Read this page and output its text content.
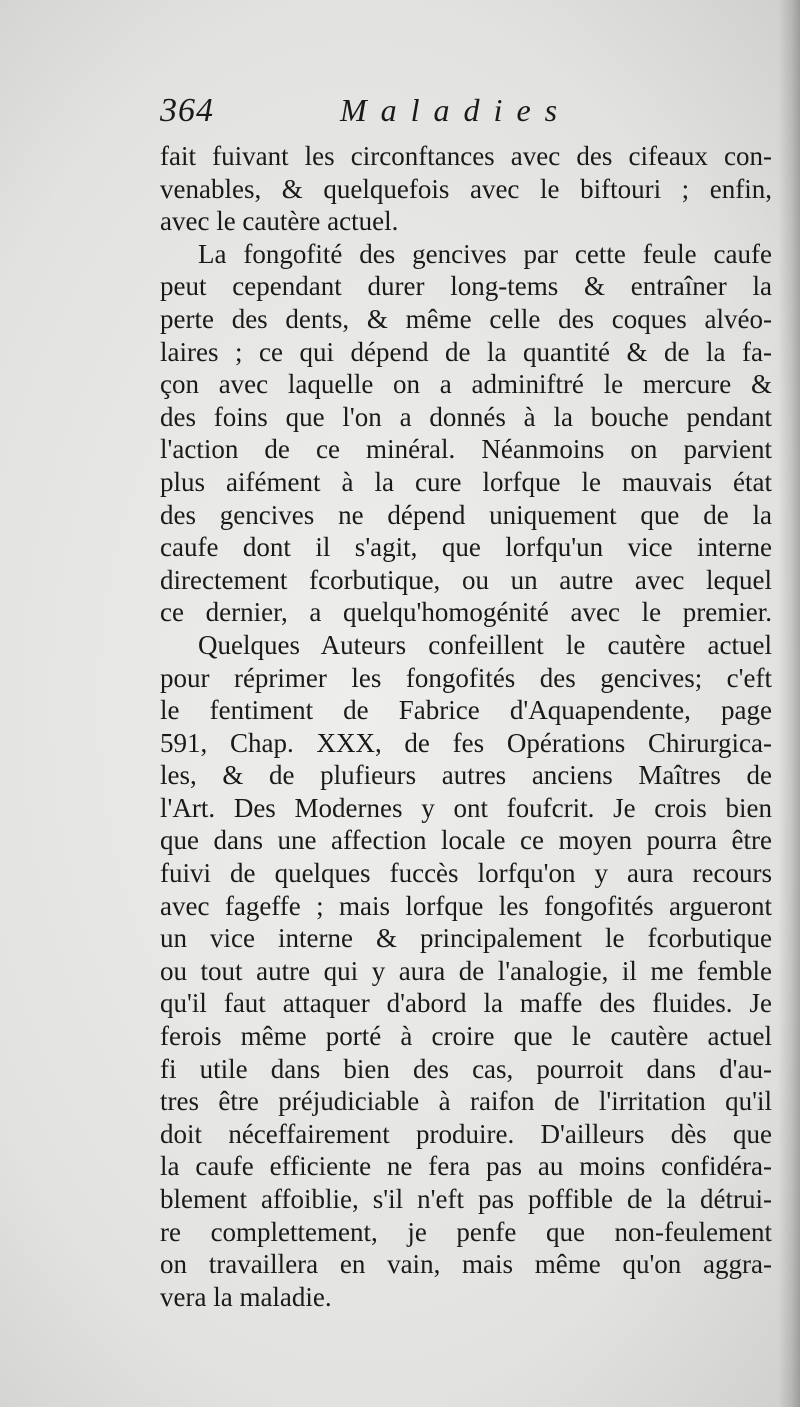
364	Maladies
fait fuivant les circonftances avec des cifeaux con-
venables, & quelquefois avec le biftouri ; enfin,
avec le cautère actuel.
La fongofité des gencives par cette feule caufe
peut cependant durer long-tems & entraîner la
perte des dents, & même celle des coques alvéo-
laires ; ce qui dépend de la quantité & de la fa-
çon avec laquelle on a adminiftré le mercure &
des foins que l'on a donnés à la bouche pendant
l'action de ce minéral. Néanmoins on parvient
plus aifément à la cure lorfque le mauvais état
des gencives ne dépend uniquement que de la
caufe dont il s'agit, que lorfqu'un vice interne
directement fcorbutique, ou un autre avec lequel
ce dernier, a quelqu'homogénité avec le premier.
Quelques Auteurs confeillent le cautère actuel
pour réprimer les fongofités des gencives; c'eft
le fentiment de Fabrice d'Aquapendente, page
591, Chap. XXX, de fes Opérations Chirurgica-
les, & de plufieurs autres anciens Maîtres de
l'Art. Des Modernes y ont foufcrit. Je crois bien
que dans une affection locale ce moyen pourra être
fuivi de quelques fuccès lorfqu'on y aura recours
avec fageffe ; mais lorfque les fongofités argueront
un vice interne & principalement le fcorbutique
ou tout autre qui y aura de l'analogie, il me femble
qu'il faut attaquer d'abord la maffe des fluides. Je
ferois même porté à croire que le cautère actuel
fi utile dans bien des cas, pourroit dans d'au-
tres être préjudiciable à raifon de l'irritation qu'il
doit néceffairement produire. D'ailleurs dès que
la caufe efficiente ne fera pas au moins confidéra-
blement affoiblie, s'il n'eft pas poffible de la détrui-
re complettement, je penfe que non-feulement
on travaillera en vain, mais même qu'on aggra-
vera la maladie.
